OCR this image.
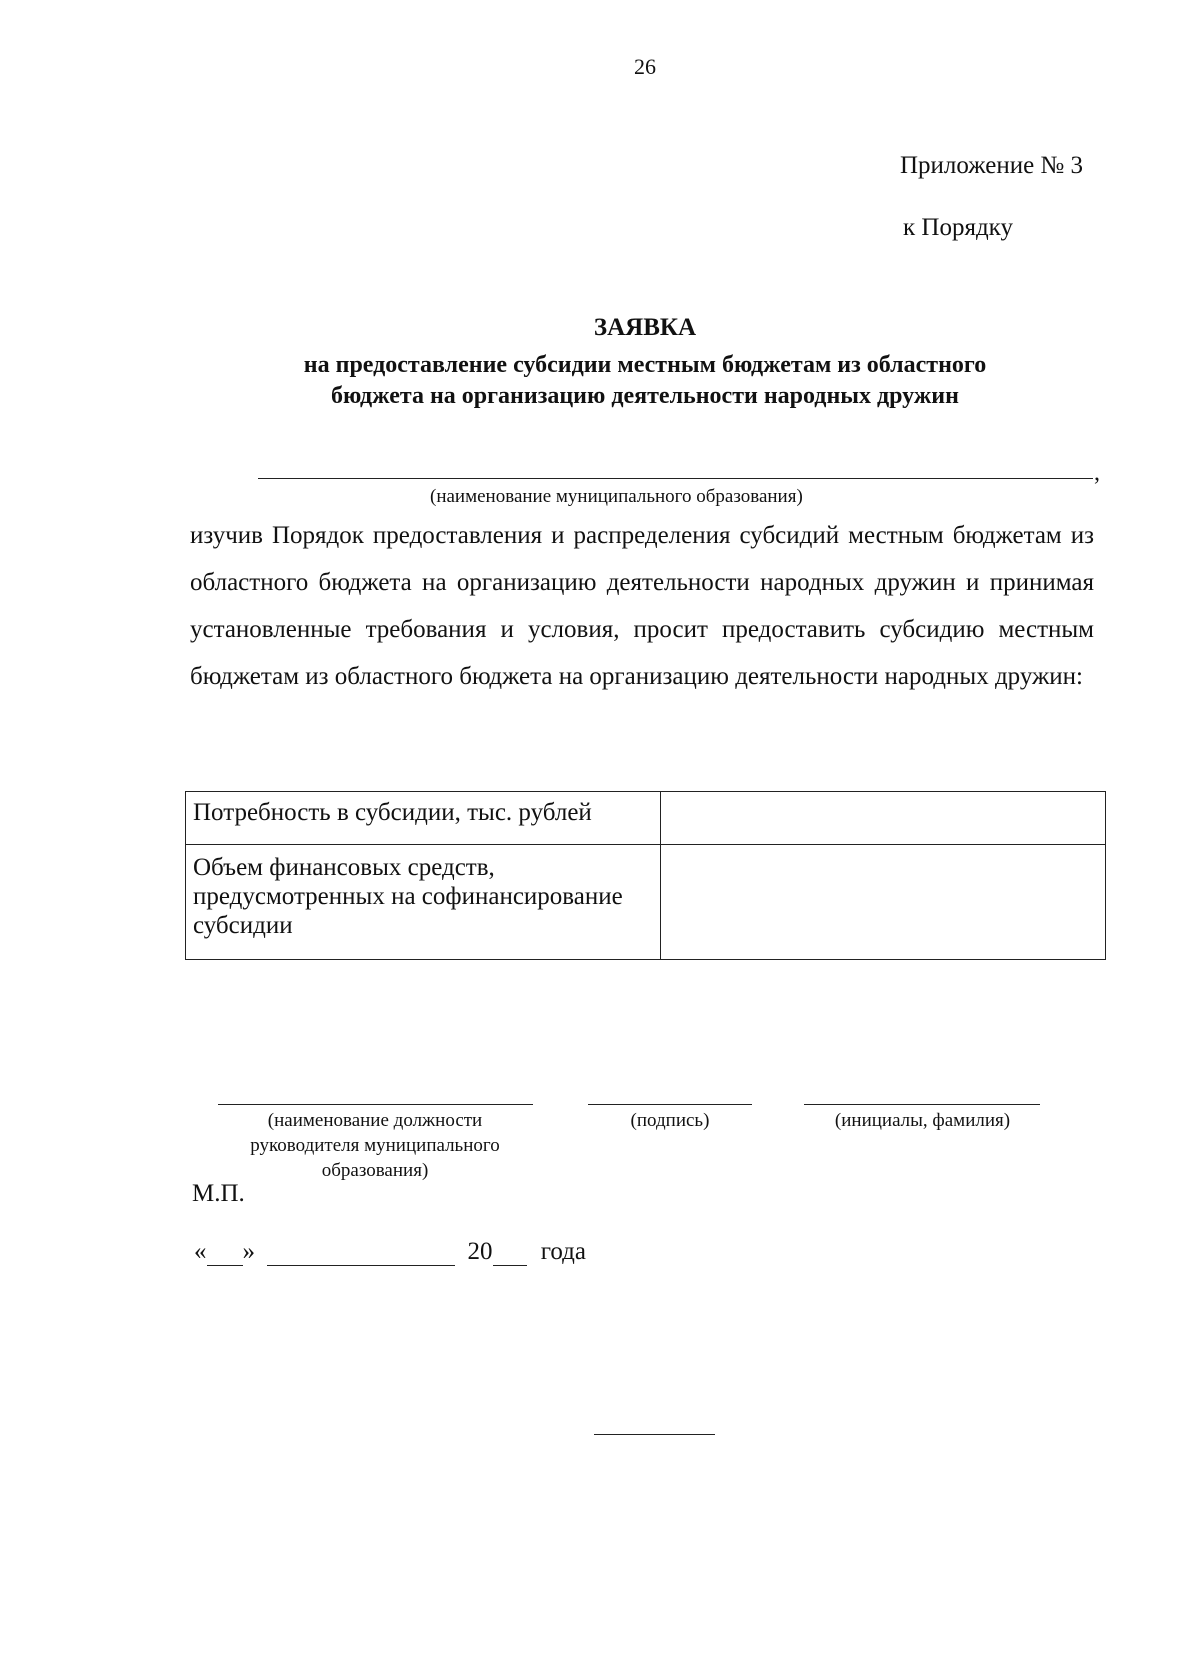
26
Приложение № 3
к Порядку
ЗАЯВКА
на предоставление субсидии местным бюджетам из областного
бюджета на организацию деятельности народных дружин
,
(наименование муниципального образования)
изучив Порядок предоставления и распределения субсидий местным бюджетам из областного бюджета на организацию деятельности народных дружин и принимая установленные требования и условия, просит предоставить субсидию местным бюджетам из областного бюджета на организацию деятельности народных дружин:
Потребность в субсидии, тыс. рублей	
Объем финансовых средств, предусмотренных на софинансирование субсидии	
(наименование должности руководителя муниципального образования)
(подпись)	(инициалы, фамилия)
М.П.
« »	20 года
